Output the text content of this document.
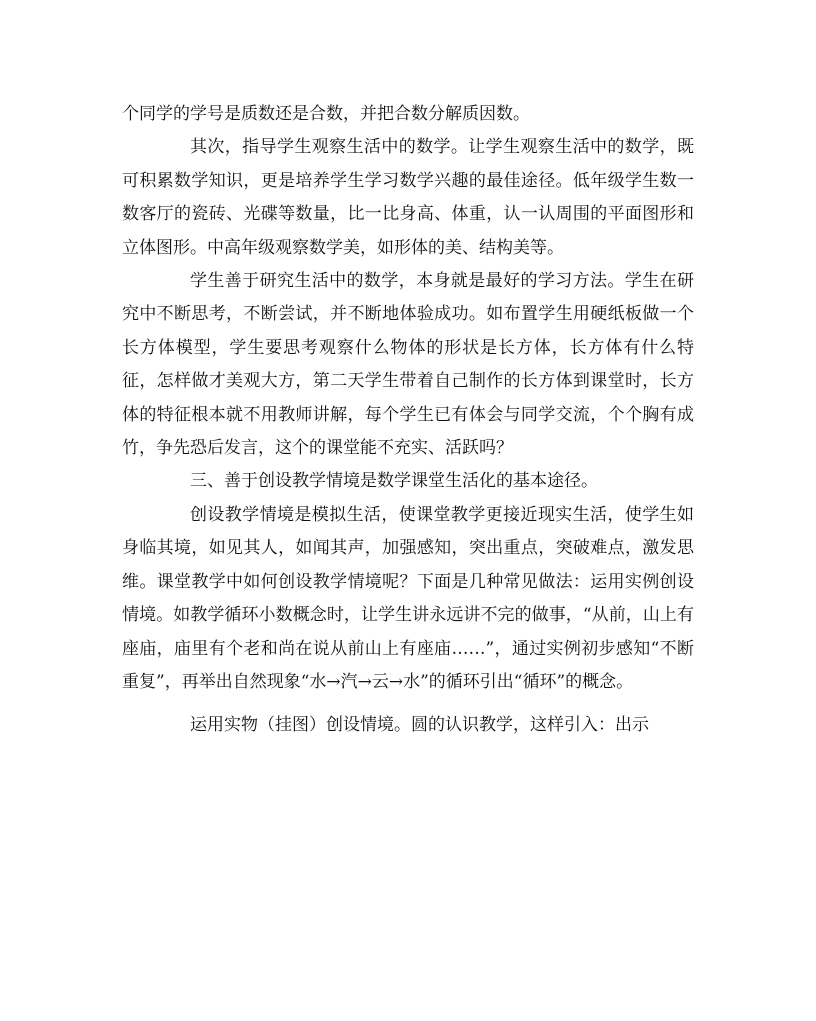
个同学的学号是质数还是合数，并把合数分解质因数。

其次，指导学生观察生活中的数学。让学生观察生活中的数学，既可积累数学知识，更是培养学生学习数学兴趣的最佳途径。低年级学生数一数客厅的瓷砖、光碟等数量，比一比身高、体重，认一认周围的平面图形和立体图形。中高年级观察数学美，如形体的美、结构美等。

学生善于研究生活中的数学，本身就是最好的学习方法。学生在研究中不断思考，不断尝试，并不断地体验成功。如布置学生用硬纸板做一个长方体模型，学生要思考观察什么物体的形状是长方体，长方体有什么特征，怎样做才美观大方，第二天学生带着自己制作的长方体到课堂时，长方体的特征根本就不用教师讲解，每个学生已有体会与同学交流，个个胸有成竹，争先恐后发言，这个的课堂能不充实、活跃吗？

三、善于创设教学情境是数学课堂生活化的基本途径。

创设教学情境是模拟生活，使课堂教学更接近现实生活，使学生如身临其境，如见其人，如闻其声，加强感知，突出重点，突破难点，激发思维。课堂教学中如何创设教学情境呢？下面是几种常见做法：运用实例创设情境。如教学循环小数概念时，让学生讲永远讲不完的做事，“从前，山上有座庙，庙里有个老和尚在说从前山上有座庙……”，通过实例初步感知“不断重复”，再举出自然现象“水→汽→云→水”的循环引出“循环”的概念。

运用实物（挂图）创设情境。圆的认识教学，这样引入：出示
